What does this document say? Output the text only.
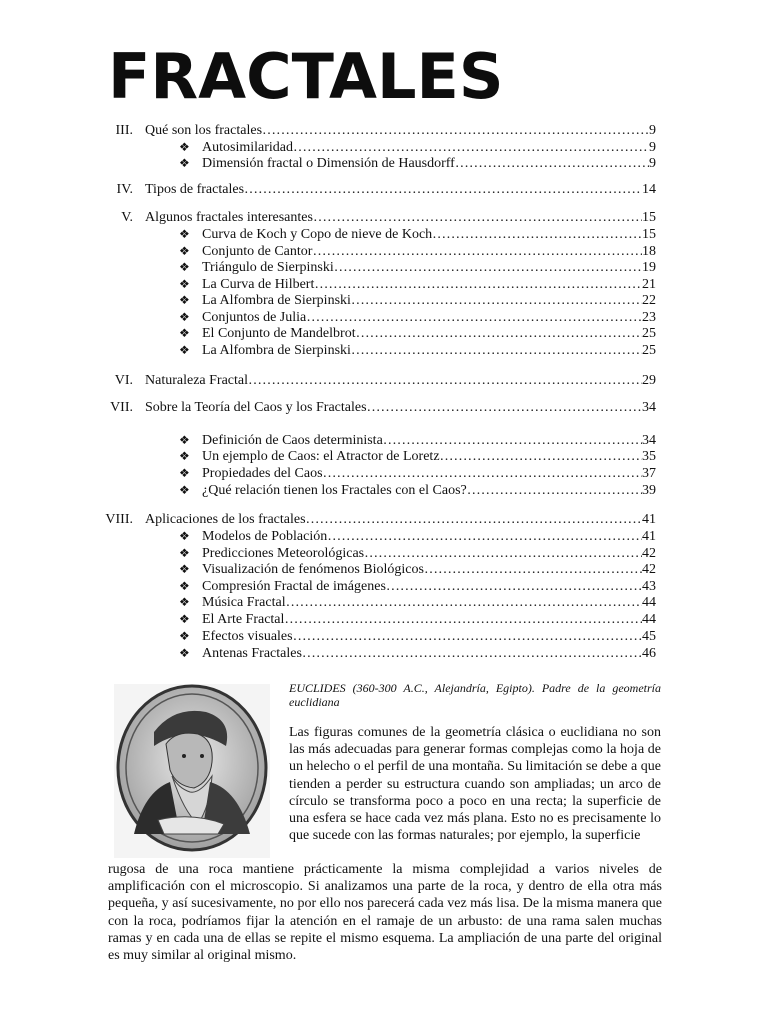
FRACTALES
III. Qué son los fractales …………………………………………………………………………………………………………………………………………	9
❖ Autosimilaridad …………………………………………………………………………………………………………………………………………	9
❖ Dimensión fractal o Dimensión de Hausdorff …………………………………………………………………………………………………………………………………………	9
IV. Tipos de fractales …………………………………………………………………………………………………………………………………………	14
V. Algunos fractales interesantes …………………………………………………………………………………………………………………………………………	15
❖ Curva de Koch y Copo de nieve de Koch …………………………………………………………………………………………………………………………………………	15
❖ Conjunto de Cantor …………………………………………………………………………………………………………………………………………	18
❖ Triángulo de Sierpinski …………………………………………………………………………………………………………………………………………	19
❖ La Curva de Hilbert …………………………………………………………………………………………………………………………………………	21
❖ La Alfombra de Sierpinski …………………………………………………………………………………………………………………………………………	22
❖ Conjuntos de Julia …………………………………………………………………………………………………………………………………………	23
❖ El Conjunto de Mandelbrot …………………………………………………………………………………………………………………………………………	25
❖ La Alfombra de Sierpinski …………………………………………………………………………………………………………………………………………	25
VI. Naturaleza Fractal …………………………………………………………………………………………………………………………………………	29
VII. Sobre la Teoría del Caos y los Fractales …………………………………………………………………………………………………………………………………………	34
❖ Definición de Caos determinista …………………………………………………………………………………………………………………………………………	34
❖ Un ejemplo de Caos: el Atractor de Loretz …………………………………………………………………………………………………………………………………………	35
❖ Propiedades del Caos …………………………………………………………………………………………………………………………………………	37
❖ ¿Qué relación tienen los Fractales con el Caos? …………………………………………………………………………………………………………………………………………	39
VIII. Aplicaciones de los fractales …………………………………………………………………………………………………………………………………………	41
❖ Modelos de Población …………………………………………………………………………………………………………………………………………	41
❖ Predicciones Meteorológicas …………………………………………………………………………………………………………………………………………	42
❖ Visualización de fenómenos Biológicos …………………………………………………………………………………………………………………………………………	42
❖ Compresión Fractal de imágenes …………………………………………………………………………………………………………………………………………	43
❖ Música Fractal …………………………………………………………………………………………………………………………………………	44
❖ El Arte Fractal …………………………………………………………………………………………………………………………………………	44
❖ Efectos visuales …………………………………………………………………………………………………………………………………………	45
❖ Antenas Fractales …………………………………………………………………………………………………………………………………………	46
EUCLIDES (360-300 A.C., Alejandría, Egipto). Padre de la geometría euclidiana
Las figuras comunes de la geometría clásica o euclidiana no son las más adecuadas para generar formas complejas como la hoja de un helecho o el perfil de una montaña. Su limitación se debe a que tienden a perder su estructura cuando son ampliadas; un arco de círculo se transforma poco a poco en una recta; la superficie de una esfera se hace cada vez más plana. Esto no es precisamente lo que sucede con las formas naturales; por ejemplo, la superficie
rugosa de una roca mantiene prácticamente la misma complejidad a varios niveles de amplificación con el microscopio. Si analizamos una parte de la roca, y dentro de ella otra más pequeña, y así sucesivamente, no por ello nos parecerá cada vez más lisa. De la misma manera que con la roca, podríamos fijar la atención en el ramaje de un arbusto: de una rama salen muchas ramas y en cada una de ellas se repite el mismo esquema. La ampliación de una parte del original es muy similar al original mismo.
